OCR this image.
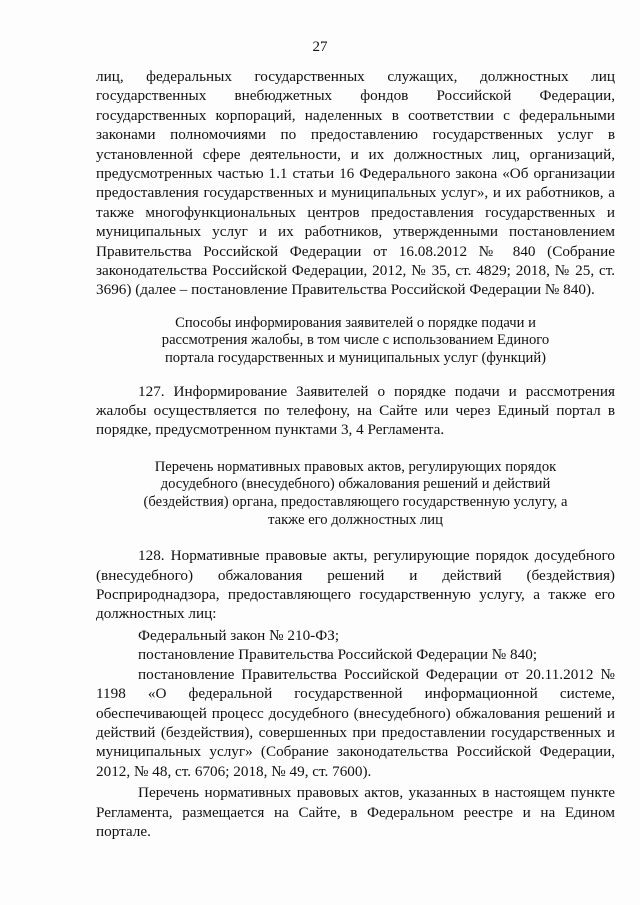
27

лиц, федеральных государственных служащих, должностных лиц государственных внебюджетных фондов Российской Федерации, государственных корпораций, наделенных в соответствии с федеральными законами полномочиями по предоставлению государственных услуг в установленной сфере деятельности, и их должностных лиц, организаций, предусмотренных частью 1.1 статьи 16 Федерального закона «Об организации предоставления государственных и муниципальных услуг», и их работников, а также многофункциональных центров предоставления государственных и муниципальных услуг и их работников, утвержденными постановлением Правительства Российской Федерации от 16.08.2012 № 840 (Собрание законодательства Российской Федерации, 2012, № 35, ст. 4829; 2018, № 25, ст. 3696) (далее – постановление Правительства Российской Федерации № 840).

Способы информирования заявителей о порядке подачи и рассмотрения жалобы, в том числе с использованием Единого портала государственных и муниципальных услуг (функций)

127. Информирование Заявителей о порядке подачи и рассмотрения жалобы осуществляется по телефону, на Сайте или через Единый портал в порядке, предусмотренном пунктами 3, 4 Регламента.

Перечень нормативных правовых актов, регулирующих порядок досудебного (внесудебного) обжалования решений и действий (бездействия) органа, предоставляющего государственную услугу, а также его должностных лиц

128. Нормативные правовые акты, регулирующие порядок досудебного (внесудебного) обжалования решений и действий (бездействия) Росприроднадзора, предоставляющего государственную услугу, а также его должностных лиц:

Федеральный закон № 210-ФЗ;

постановление Правительства Российской Федерации № 840;

постановление Правительства Российской Федерации от 20.11.2012 № 1198 «О федеральной государственной информационной системе, обеспечивающей процесс досудебного (внесудебного) обжалования решений и действий (бездействия), совершенных при предоставлении государственных и муниципальных услуг» (Собрание законодательства Российской Федерации, 2012, № 48, ст. 6706; 2018, № 49, ст. 7600).

Перечень нормативных правовых актов, указанных в настоящем пункте Регламента, размещается на Сайте, в Федеральном реестре и на Едином портале.
